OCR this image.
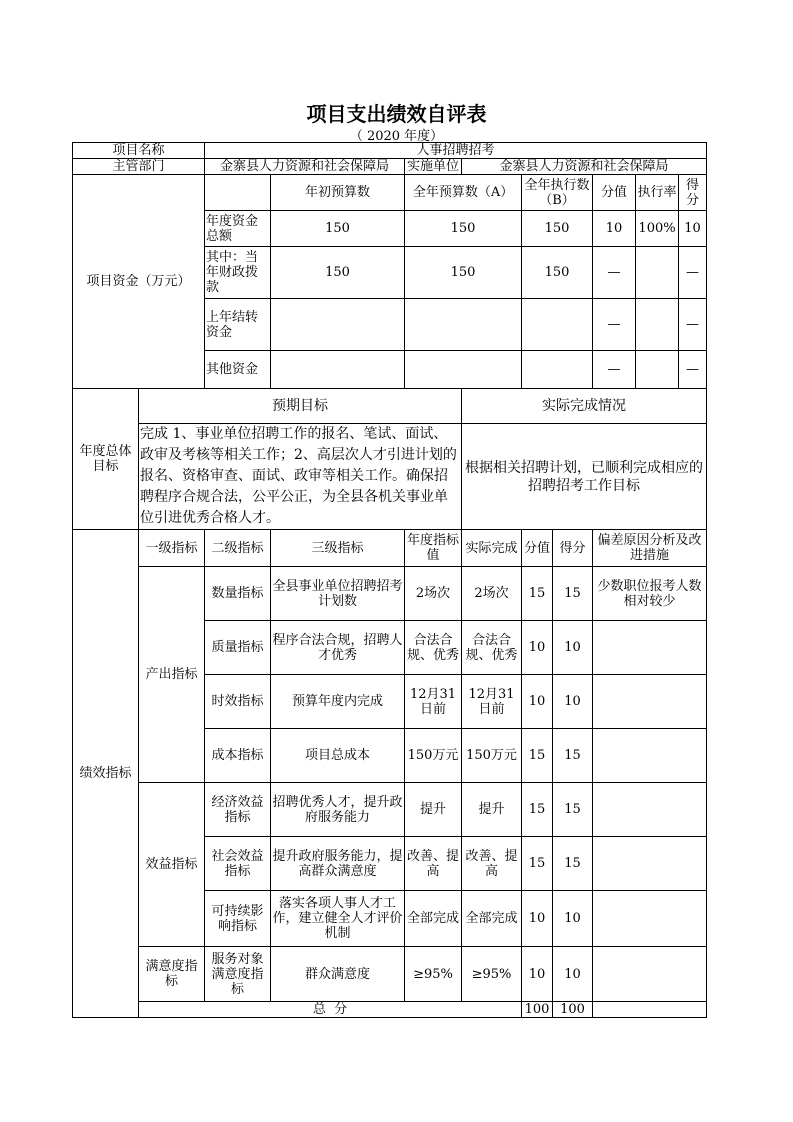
项目支出绩效自评表
（ 2020 年度）
项目名称		人事招聘招考								
主管部门		金寨县人力资源和社会保障局		实施单位	金寨县人力资源和社会保障局					
项目资金（万元）			年初预算数	全年预算数（A）		全年执行数（B）		分值	执行率	得分
		年度资金总额	150	150		150		10	100%	10
		其中：当年财政拨款	150	150		150		—		—
		上年结转资金						—		—
		其他资金						—		—
年度总体目标	预期目标				实际完成情况					
	完成 1、事业单位招聘工作的报名、笔试、面试、政审及考核等相关工作；2、高层次人才引进计划的报名、资格审查、面试、政审等相关工作。确保招聘程序合规合法，公平公正，为全县各机关事业单位引进优秀合格人才。				根据相关招聘计划，已顺利完成相应的招聘招考工作目标					
绩效指标	一级指标	二级指标	三级指标	年度指标值	实际完成	分值	得分	偏差原因分析及改进措施		
	产出指标	数量指标	全县事业单位招聘招考计划数	2场次	2场次	15	15	少数职位报考人数相对较少		
		质量指标	程序合法合规，招聘人才优秀	合法合规、优秀	合法合规、优秀	10	10			
		时效指标	预算年度内完成	12月31日前	12月31日前	10	10			
		成本指标	项目总成本	150万元	150万元	15	15			
	效益指标	经济效益指标	招聘优秀人才，提升政府服务能力	提升	提升	15	15			
		社会效益指标	提升政府服务能力，提高群众满意度	改善、提高	改善、提高	15	15			
		可持续影响指标	落实各项人事人才工作，建立健全人才评价机制	全部完成	全部完成	10	10			
	满意度指标	服务对象满意度指标	群众满意度	≥95%	≥95%	10	10			
	总  分					100	100			
